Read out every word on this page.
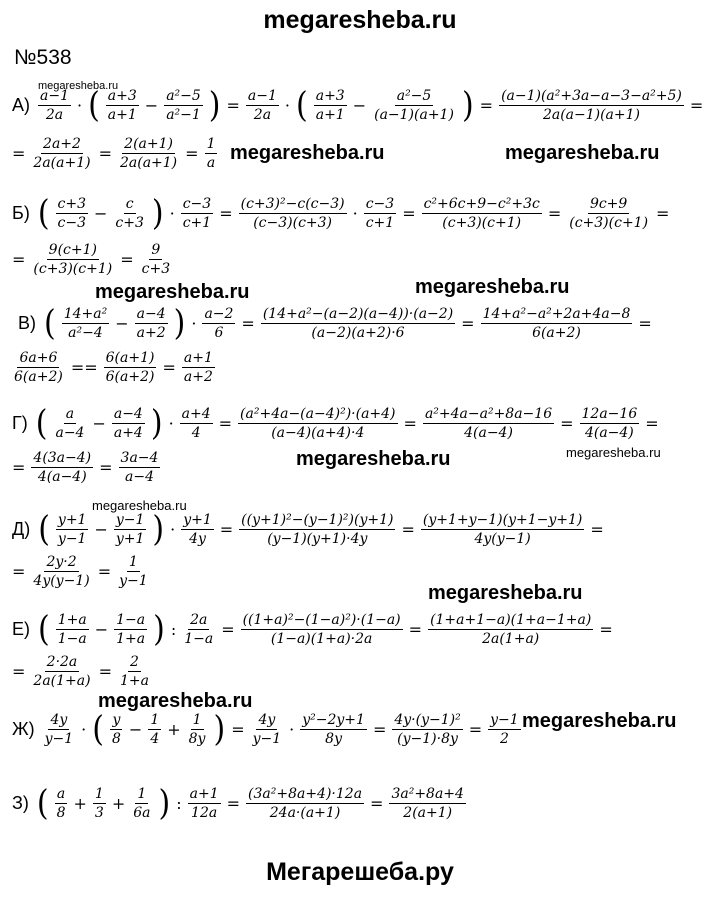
megaresheba.ru
№538
megaresheba.ru
megaresheba.ru	megaresheba.ru
megaresheba.ru
megaresheba.ru
megaresheba.ru	megaresheba.ru
megaresheba.ru
megaresheba.ru
megaresheba.ru
megaresheba.ru
$А) \frac{a-1}{2a}$ · ( $\frac{a+3}{a+1} - \frac{\text{a²−5}}{\text{a²−1}}$ ) = $\frac{a-1}{2a}$ · ( $\frac{a+3}{a+1} - \frac{\text{a²−5}}{(a-1)(a+1)}$ ) = $\frac{\text{(a−1)(a²+3a−a−3−a²+5)}}{2a(a-1)(a+1)}$ =
= $\frac{2a+2}{2a(a+1)} = \frac{2(a+1)}{2a(a+1)} = \frac{1}{a}$
Б) ( $\frac{c+3}{c-3} - \frac{c}{c+3}$ ) · $\frac{c-3}{c+1} = \frac{\text{(c+3)²−c(c−3)}}{(c-3)(c+3)} \cdot \frac{c-3}{c+1} = \frac{\text{c²+6c+9−c²+3c}}{(c+3)(c+1)} = \frac{9c+9}{(c+3)(c+1)}$ =
= $\frac{9(c+1)}{(c+3)(c+1)} = \frac{9}{c+3}$
В) ( $\frac{\text{14+a²}}{\text{a²−4}} - \frac{a-4}{a+2}$ ) · $\frac{a-2}{6} = \frac{\text{(14+a²−(a−2)(a−4))·(a−2)}}{(a-2)(a+2)\cdot 6} = \frac{\text{14+a²−a²+2a+4a−8}}{6(a+2)}$ =
$\frac{6a+6}{6(a+2)} == \frac{6(a+1)}{6(a+2)} = \frac{a+1}{a+2}$
Г) ( $\frac{a}{a-4} - \frac{a-4}{a+4}$ ) · $\frac{a+4}{4} = \frac{\text{(a²+4a−(a−4)²)·(a+4)}}{(a-4)(a+4)\cdot 4} = \frac{\text{a²+4a−a²+8a−16}}{4(a-4)} = \frac{12a-16}{4(a-4)}$ =
= $\frac{4(3a-4)}{4(a-4)} = \frac{3a-4}{a-4}$
Д) ( $\frac{y+1}{y-1} - \frac{y-1}{y+1}$ ) · $\frac{y+1}{4y} = \frac{\text{((y+1)²−(y−1)²)(y+1)}}{(y-1)(y+1)\cdot 4y} = \frac{(y+1+y-1)(y+1-y+1)}{4y(y-1)}$ =
= $\frac{2y\cdot 2}{4y(y-1)} = \frac{1}{y-1}$
Е) ( $\frac{1+a}{1-a} - \frac{1-a}{1+a}$ ) : $\frac{2a}{1-a} = \frac{\text{((1+a)²−(1−a)²)·(1−a)}}{(1-a)(1+a)\cdot 2a} = \frac{(1+a+1-a)(1+a-1+a)}{2a(1+a)}$ =
= $\frac{2\cdot 2a}{2a(1+a)} = \frac{2}{1+a}$
$Ж) \frac{4y}{y-1}$ · ( $\frac{y}{8} - \frac{1}{4} + \frac{1}{8y}$ ) = $\frac{4y}{y-1} \cdot \frac{\text{y²−2y+1}}{8y} = \frac{\text{4y·(y−1)²}}{(y-1)\cdot 8y} = \frac{y-1}{2}$
З) ( $\frac{a}{8} + \frac{1}{3} + \frac{1}{6a}$ ) : $\frac{a+1}{12a} = \frac{\text{(3a²+8a+4)·12a}}{24a\cdot(a+1)} = \frac{\text{3a²+8a+4}}{2(a+1)}$
Мегарешеба.ру
